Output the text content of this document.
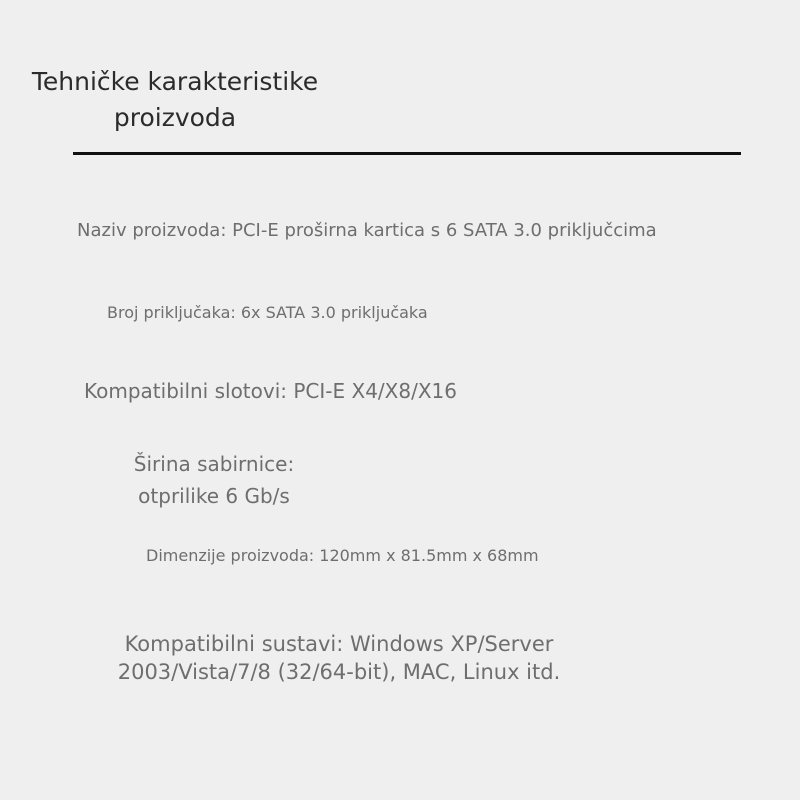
Tehničke karakteristike
proizvoda
Naziv proizvoda: PCI-E proširna kartica s 6 SATA 3.0 priključcima
Broj priključaka: 6x SATA 3.0 priključaka
Kompatibilni slotovi: PCI-E X4/X8/X16
Širina sabirnice:
otprilike 6 Gb/s
Dimenzije proizvoda: 120mm x 81.5mm x 68mm
Kompatibilni sustavi: Windows XP/Server
2003/Vista/7/8 (32/64-bit), MAC, Linux itd.
